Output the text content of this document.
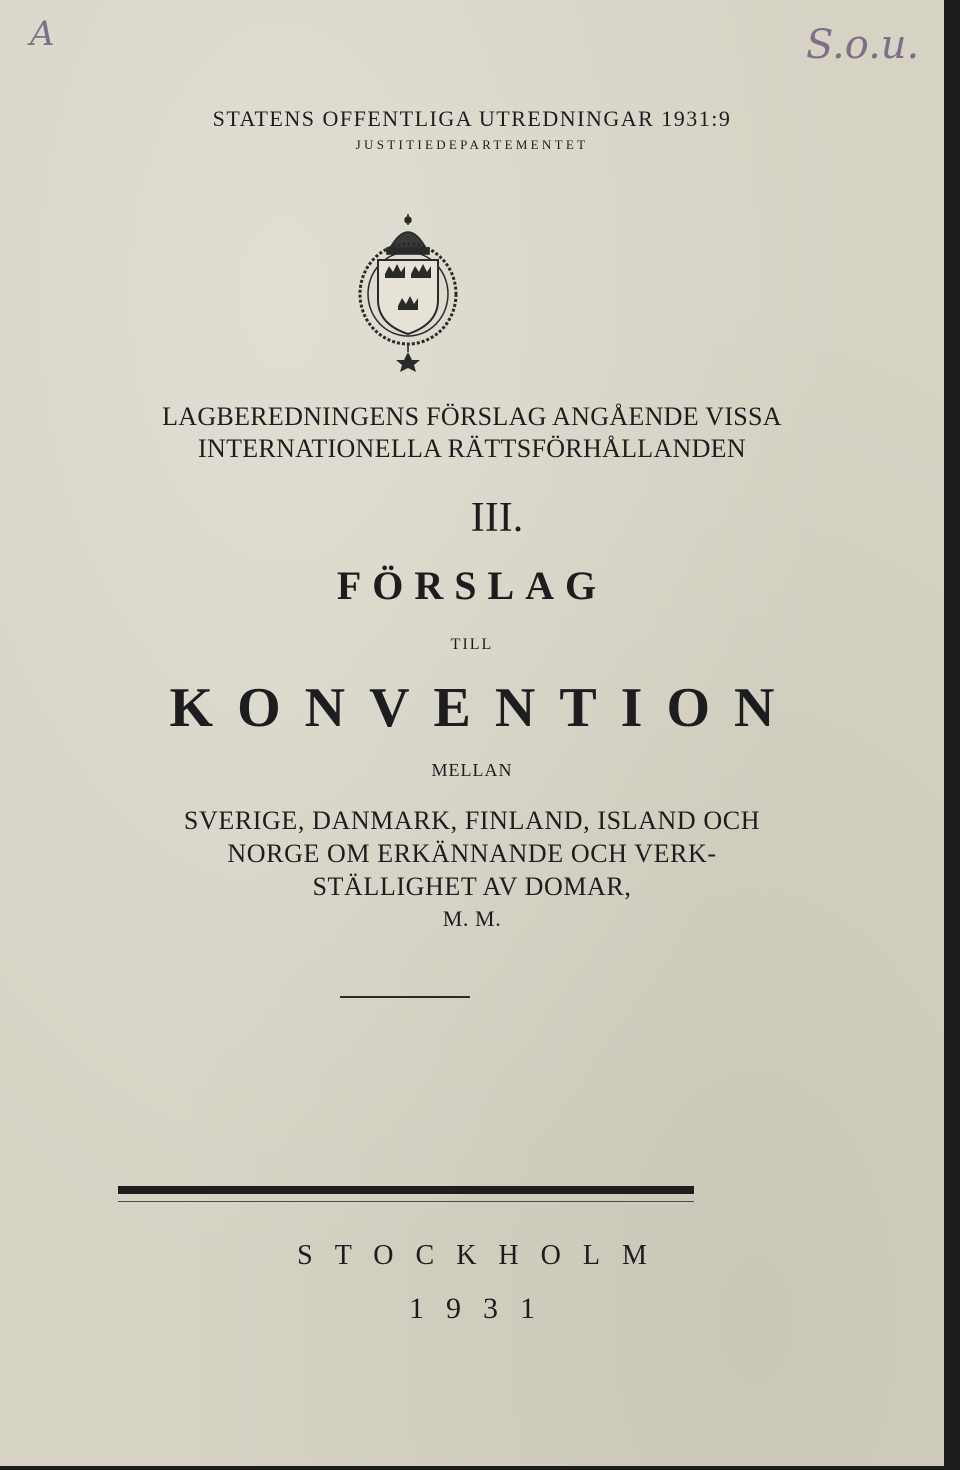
A	S.o.u.
STATENS OFFENTLIGA UTREDNINGAR 1931:9
JUSTITIEDEPARTEMENTET
LAGBEREDNINGENS FÖRSLAG ANGÅENDE VISSA
INTERNATIONELLA RÄTTSFÖRHÅLLANDEN
III.
FÖRSLAG
TILL
KONVENTION
MELLAN
SVERIGE, DANMARK, FINLAND, ISLAND OCH
NORGE OM ERKÄNNANDE OCH VERK-
STÄLLIGHET AV DOMAR,
M. M.
STOCKHOLM
1931
